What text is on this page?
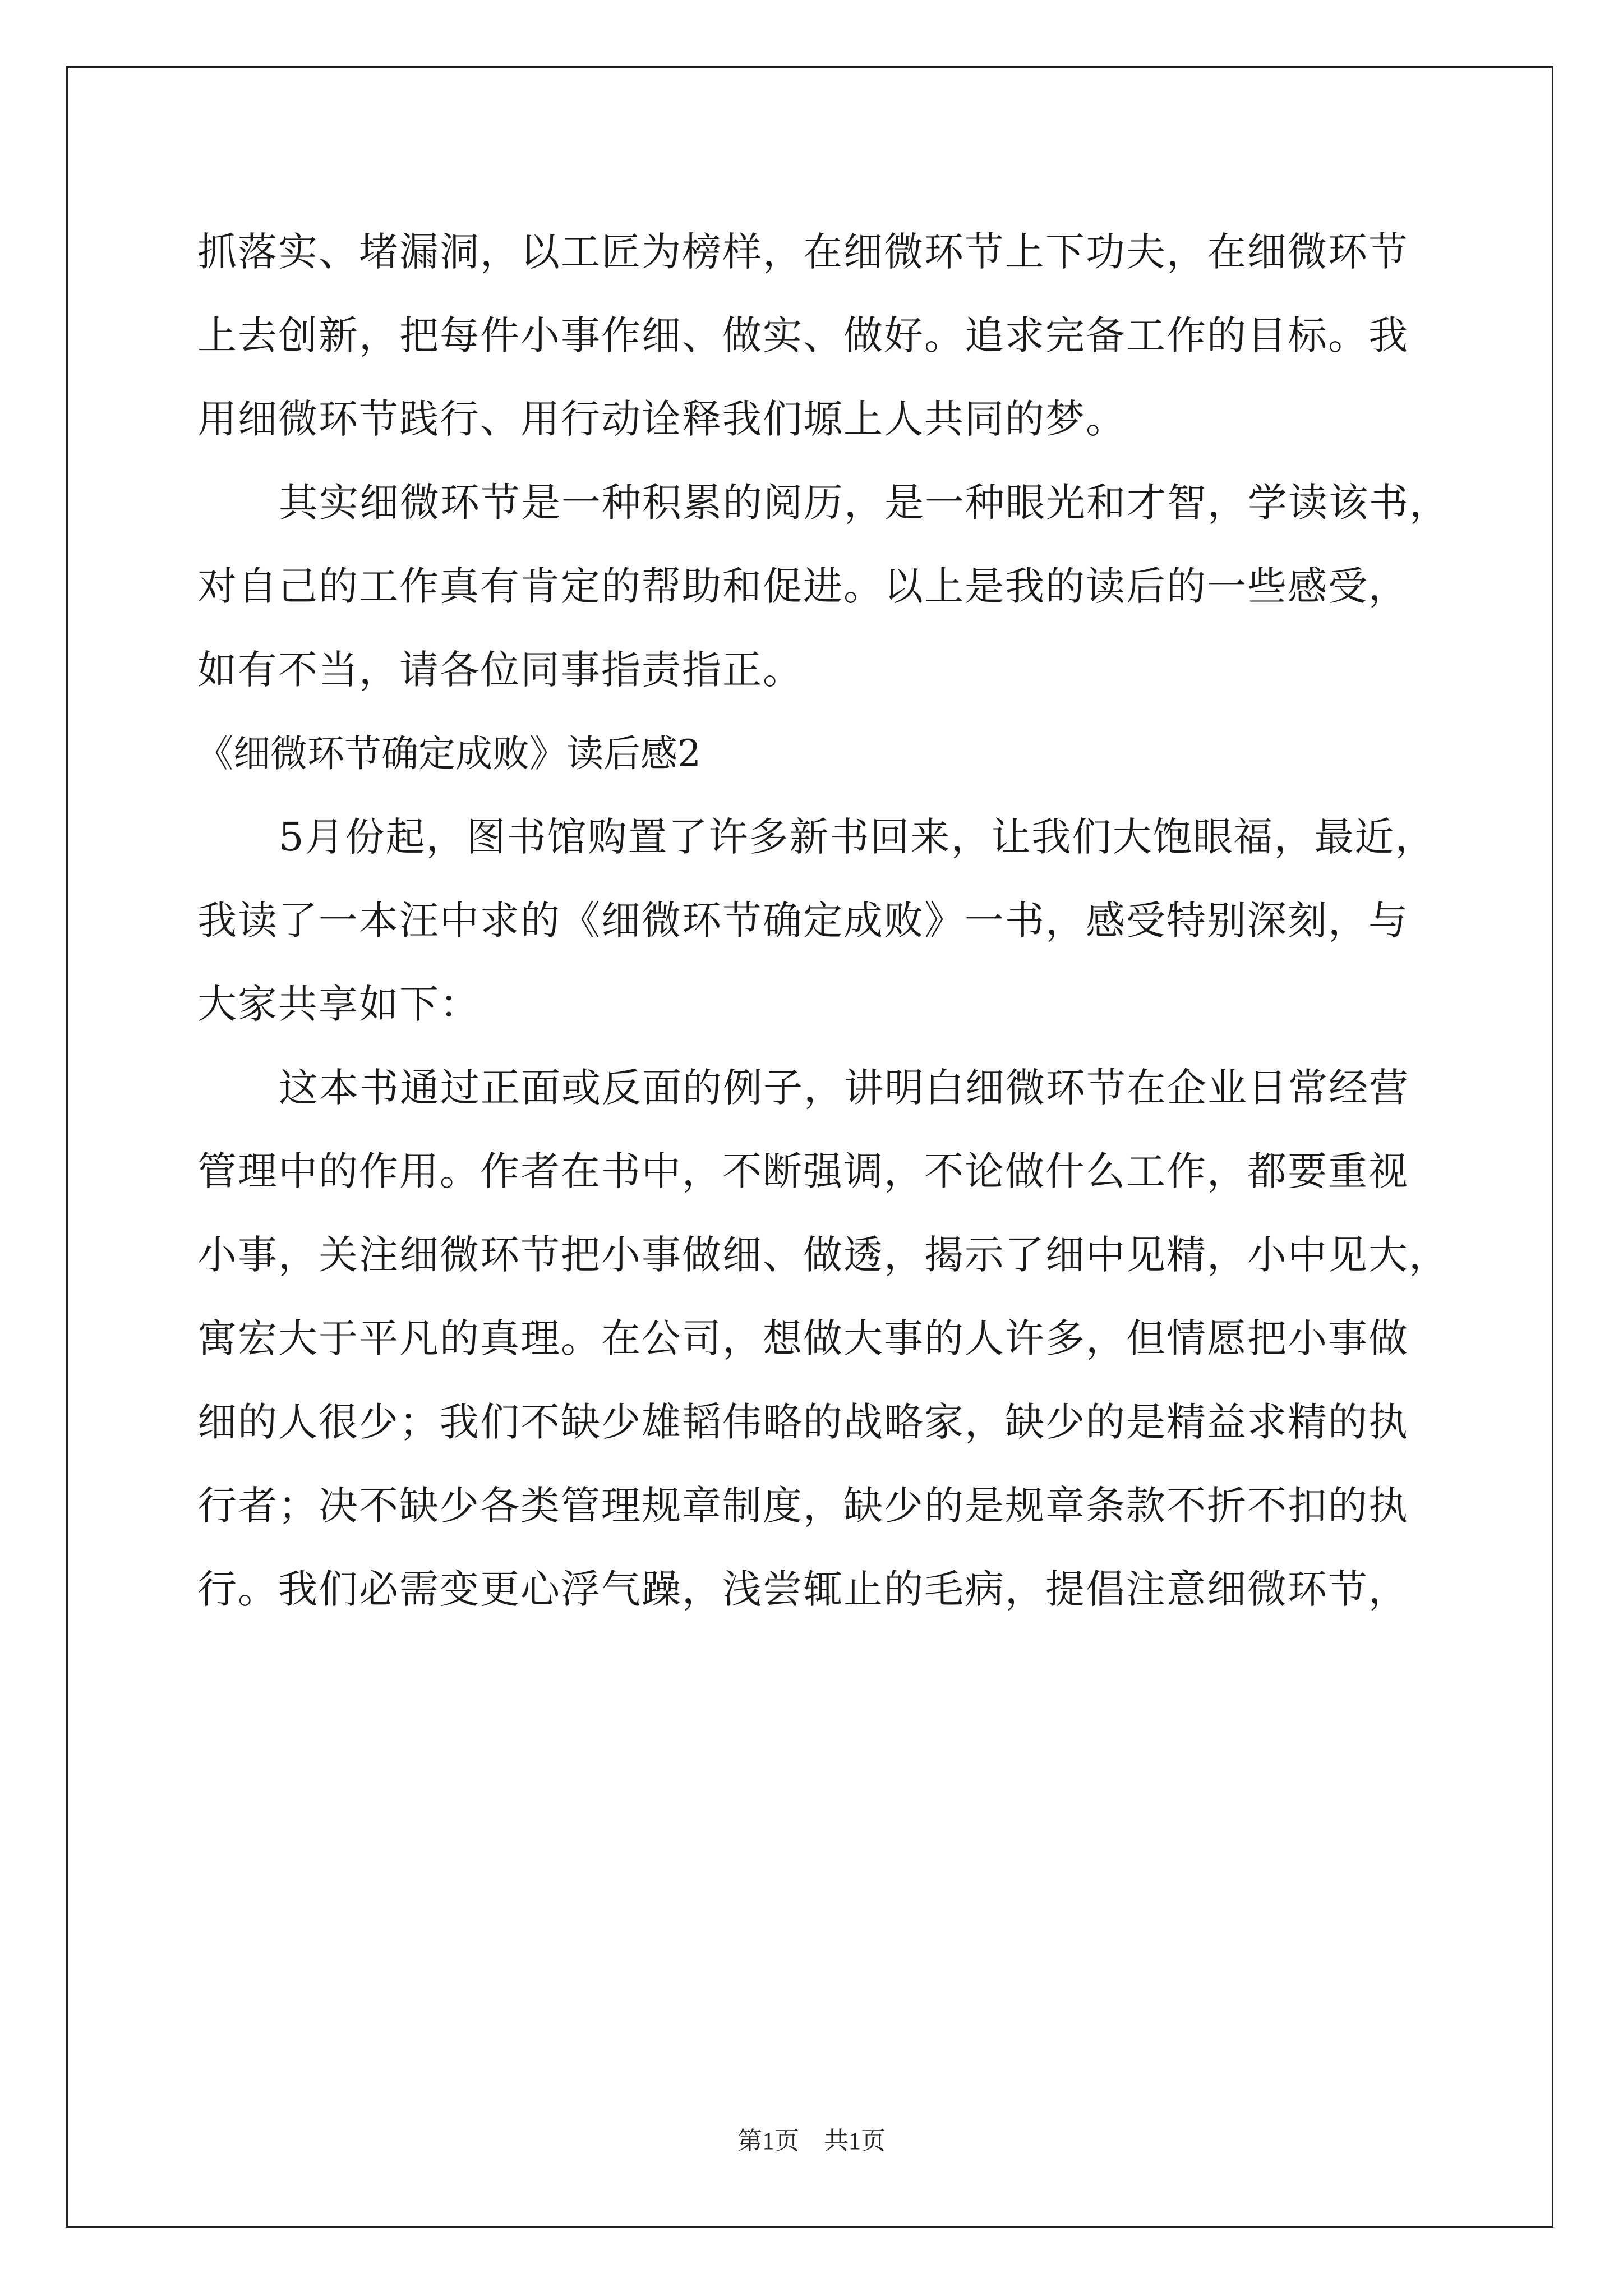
抓落实、堵漏洞，以工匠为榜样，在细微环节上下功夫，在细微环节
上去创新，把每件小事作细、做实、做好。追求完备工作的目标。我
用细微环节践行、用行动诠释我们塬上人共同的梦。
其实细微环节是一种积累的阅历，是一种眼光和才智，学读该书，
对自己的工作真有肯定的帮助和促进。以上是我的读后的一些感受，
如有不当，请各位同事指责指正。
《细微环节确定成败》读后感2
5月份起，图书馆购置了许多新书回来，让我们大饱眼福，最近，
我读了一本汪中求的《细微环节确定成败》一书，感受特别深刻，与
大家共享如下：
这本书通过正面或反面的例子，讲明白细微环节在企业日常经营
管理中的作用。作者在书中，不断强调，不论做什么工作，都要重视
小事，关注细微环节把小事做细、做透，揭示了细中见精，小中见大，
寓宏大于平凡的真理。在公司，想做大事的人许多，但情愿把小事做
细的人很少；我们不缺少雄韬伟略的战略家，缺少的是精益求精的执
行者；决不缺少各类管理规章制度，缺少的是规章条款不折不扣的执
行。我们必需变更心浮气躁，浅尝辄止的毛病，提倡注意细微环节，
第1页 共1页
